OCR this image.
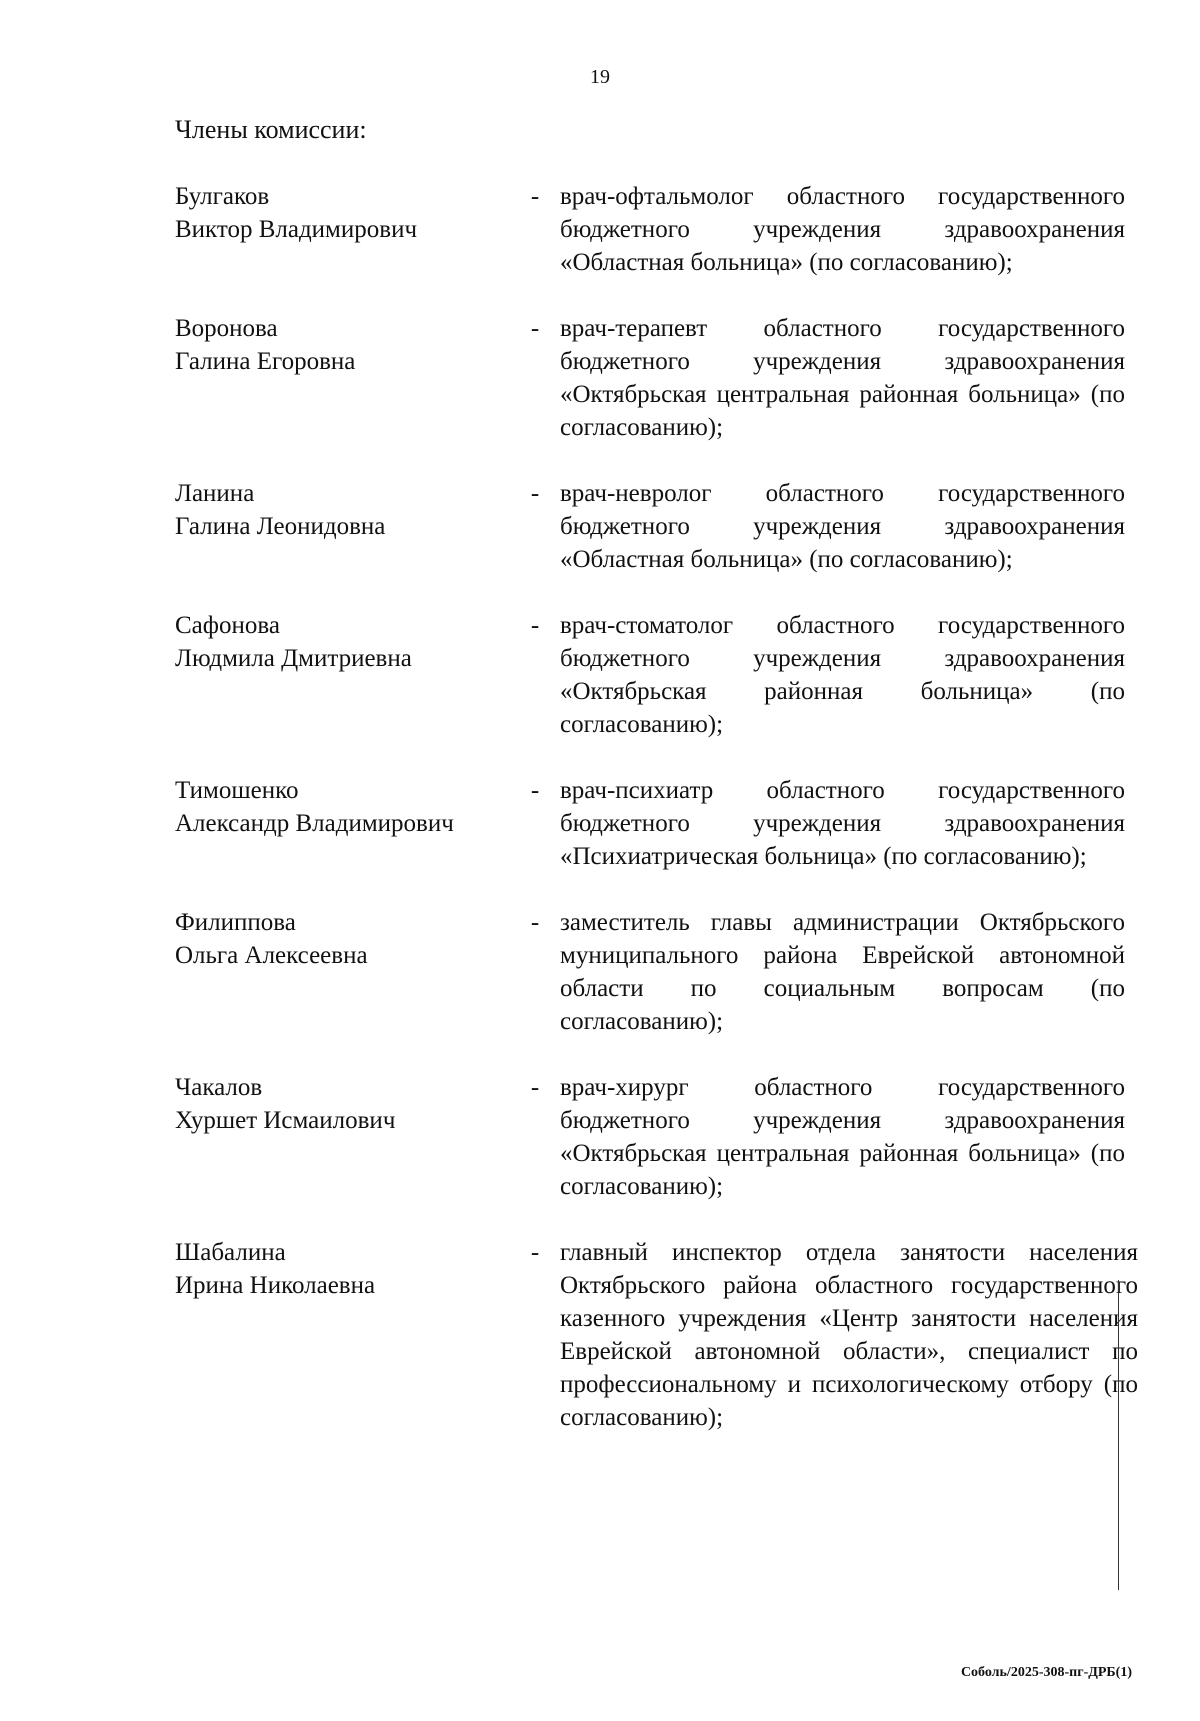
19
Члены комиссии:
Булгаков
Виктор Владимирович
- врач-офтальмолог областного государственного бюджетного учреждения здравоохранения «Областная больница» (по согласованию);
Воронова
Галина Егоровна
- врач-терапевт областного государственного бюджетного учреждения здравоохранения «Октябрьская центральная районная больница» (по согласованию);
Ланина
Галина Леонидовна
- врач-невролог областного государственного бюджетного учреждения здравоохранения «Областная больница» (по согласованию);
Сафонова
Людмила Дмитриевна
- врач-стоматолог областного государственного бюджетного учреждения здравоохранения «Октябрьская районная больница» (по согласованию);
Тимошенко
Александр Владимирович
- врач-психиатр областного государственного бюджетного учреждения здравоохранения «Психиатрическая больница» (по согласованию);
Филиппова
Ольга Алексеевна
- заместитель главы администрации Октябрьского муниципального района Еврейской автономной области по социальным вопросам (по согласованию);
Чакалов
Хуршет Исмаилович
- врач-хирург областного государственного бюджетного учреждения здравоохранения «Октябрьская центральная районная больница» (по согласованию);
Шабалина
Ирина Николаевна
- главный инспектор отдела занятости населения Октябрьского района областного государственного казенного учреждения «Центр занятости населения Еврейской автономной области», специалист по профессиональному и психологическому отбору (по согласованию);
Соболь/2025-308-пг-ДРБ(1)
